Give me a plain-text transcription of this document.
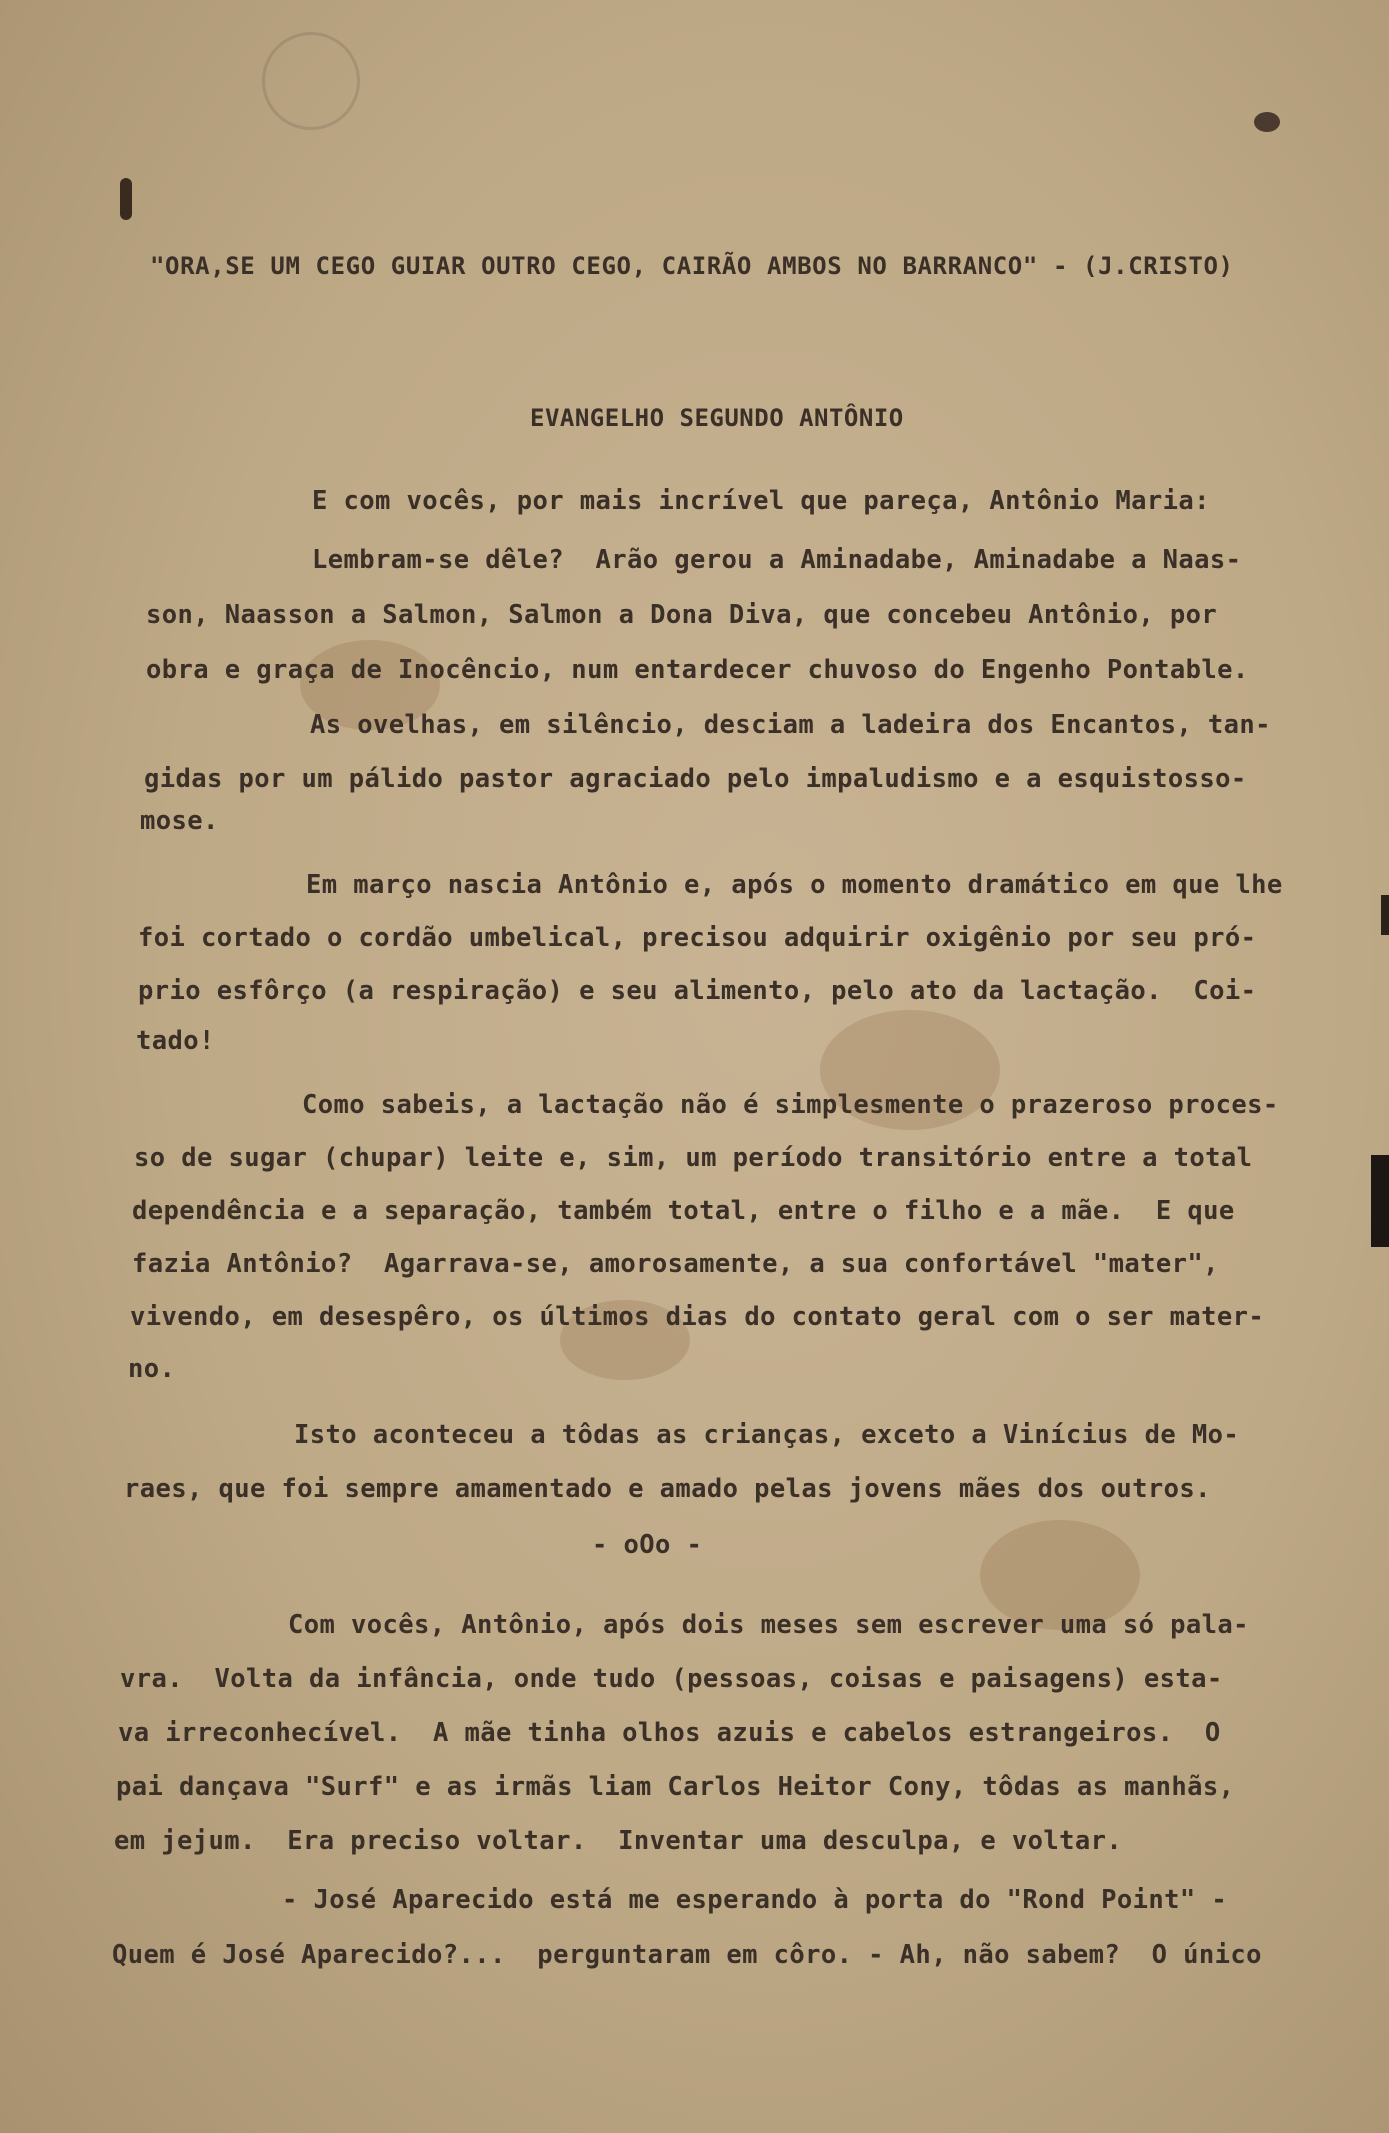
"ORA,SE UM CEGO GUIAR OUTRO CEGO, CAIRÃO AMBOS NO BARRANCO" - (J.CRISTO)
EVANGELHO SEGUNDO ANTÔNIO
E com vocês, por mais incrível que pareça, Antônio Maria:
Lembram-se dêle?  Arão gerou a Aminadabe, Aminadabe a Naas-
son, Naasson a Salmon, Salmon a Dona Diva, que concebeu Antônio, por
obra e graça de Inocêncio, num entardecer chuvoso do Engenho Pontable.
As ovelhas, em silêncio, desciam a ladeira dos Encantos, tan-
gidas por um pálido pastor agraciado pelo impaludismo e a esquistosso-
mose.
Em março nascia Antônio e, após o momento dramático em que lhe
foi cortado o cordão umbelical, precisou adquirir oxigênio por seu pró-
prio esfôrço (a respiração) e seu alimento, pelo ato da lactação.  Coi-
tado!
Como sabeis, a lactação não é simplesmente o prazeroso proces-
so de sugar (chupar) leite e, sim, um período transitório entre a total
dependência e a separação, também total, entre o filho e a mãe.  E que
fazia Antônio?  Agarrava-se, amorosamente, a sua confortável "mater",
vivendo, em desespêro, os últimos dias do contato geral com o ser mater-
no.
Isto aconteceu a tôdas as crianças, exceto a Vinícius de Mo-
raes, que foi sempre amamentado e amado pelas jovens mães dos outros.
- oOo -
Com vocês, Antônio, após dois meses sem escrever uma só pala-
vra.  Volta da infância, onde tudo (pessoas, coisas e paisagens) esta-
va irreconhecível.  A mãe tinha olhos azuis e cabelos estrangeiros.  O
pai dançava "Surf" e as irmãs liam Carlos Heitor Cony, tôdas as manhãs,
em jejum.  Era preciso voltar.  Inventar uma desculpa, e voltar.
- José Aparecido está me esperando à porta do "Rond Point" -
Quem é José Aparecido?...  perguntaram em côro. - Ah, não sabem?  O único
